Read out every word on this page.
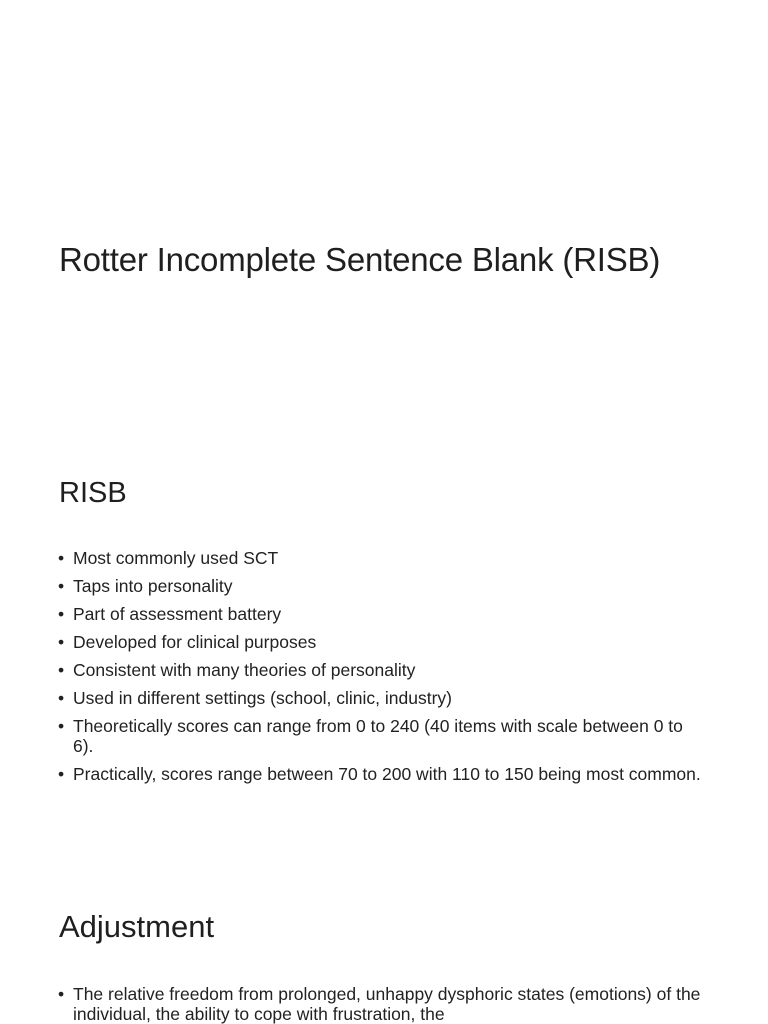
Rotter Incomplete Sentence Blank (RISB)
RISB
• Most commonly used SCT
• Taps into personality
• Part of assessment battery
• Developed for clinical purposes
• Consistent with many theories of personality
• Used in different settings (school, clinic, industry)
• Theoretically scores can range from 0 to 240 (40 items with scale between 0 to 6).
• Practically, scores range between 70 to 200 with 110 to 150 being most common.
Adjustment
• The relative freedom from prolonged, unhappy dysphoric states (emotions) of the individual, the ability to cope with frustration, the
